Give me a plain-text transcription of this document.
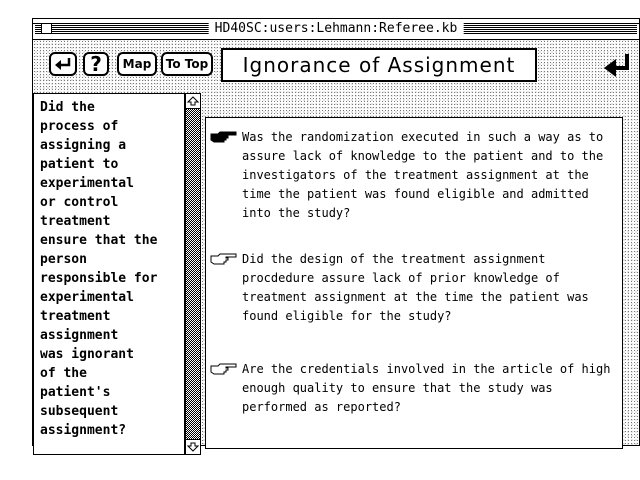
HD40SC:users:Lehmann:Referee.kb
? Map To Top Ignorance of Assignment
Did the
process of
assigning a
patient to
experimental
or control
treatment
ensure that the
person
responsible for
experimental
treatment
assignment
was ignorant
of the
patient's
subsequent
assignment?
Was the randomization executed in such a way as to assure lack of knowledge to the patient and to the investigators of the treatment assignment at the time the patient was found eligible and admitted into the study?
Did the design of the treatment assignment procdedure assure lack of prior knowledge of treatment assignment at the time the patient was found eligible for the study?
Are the credentials involved in the article of high enough quality to ensure that the study was performed as reported?
